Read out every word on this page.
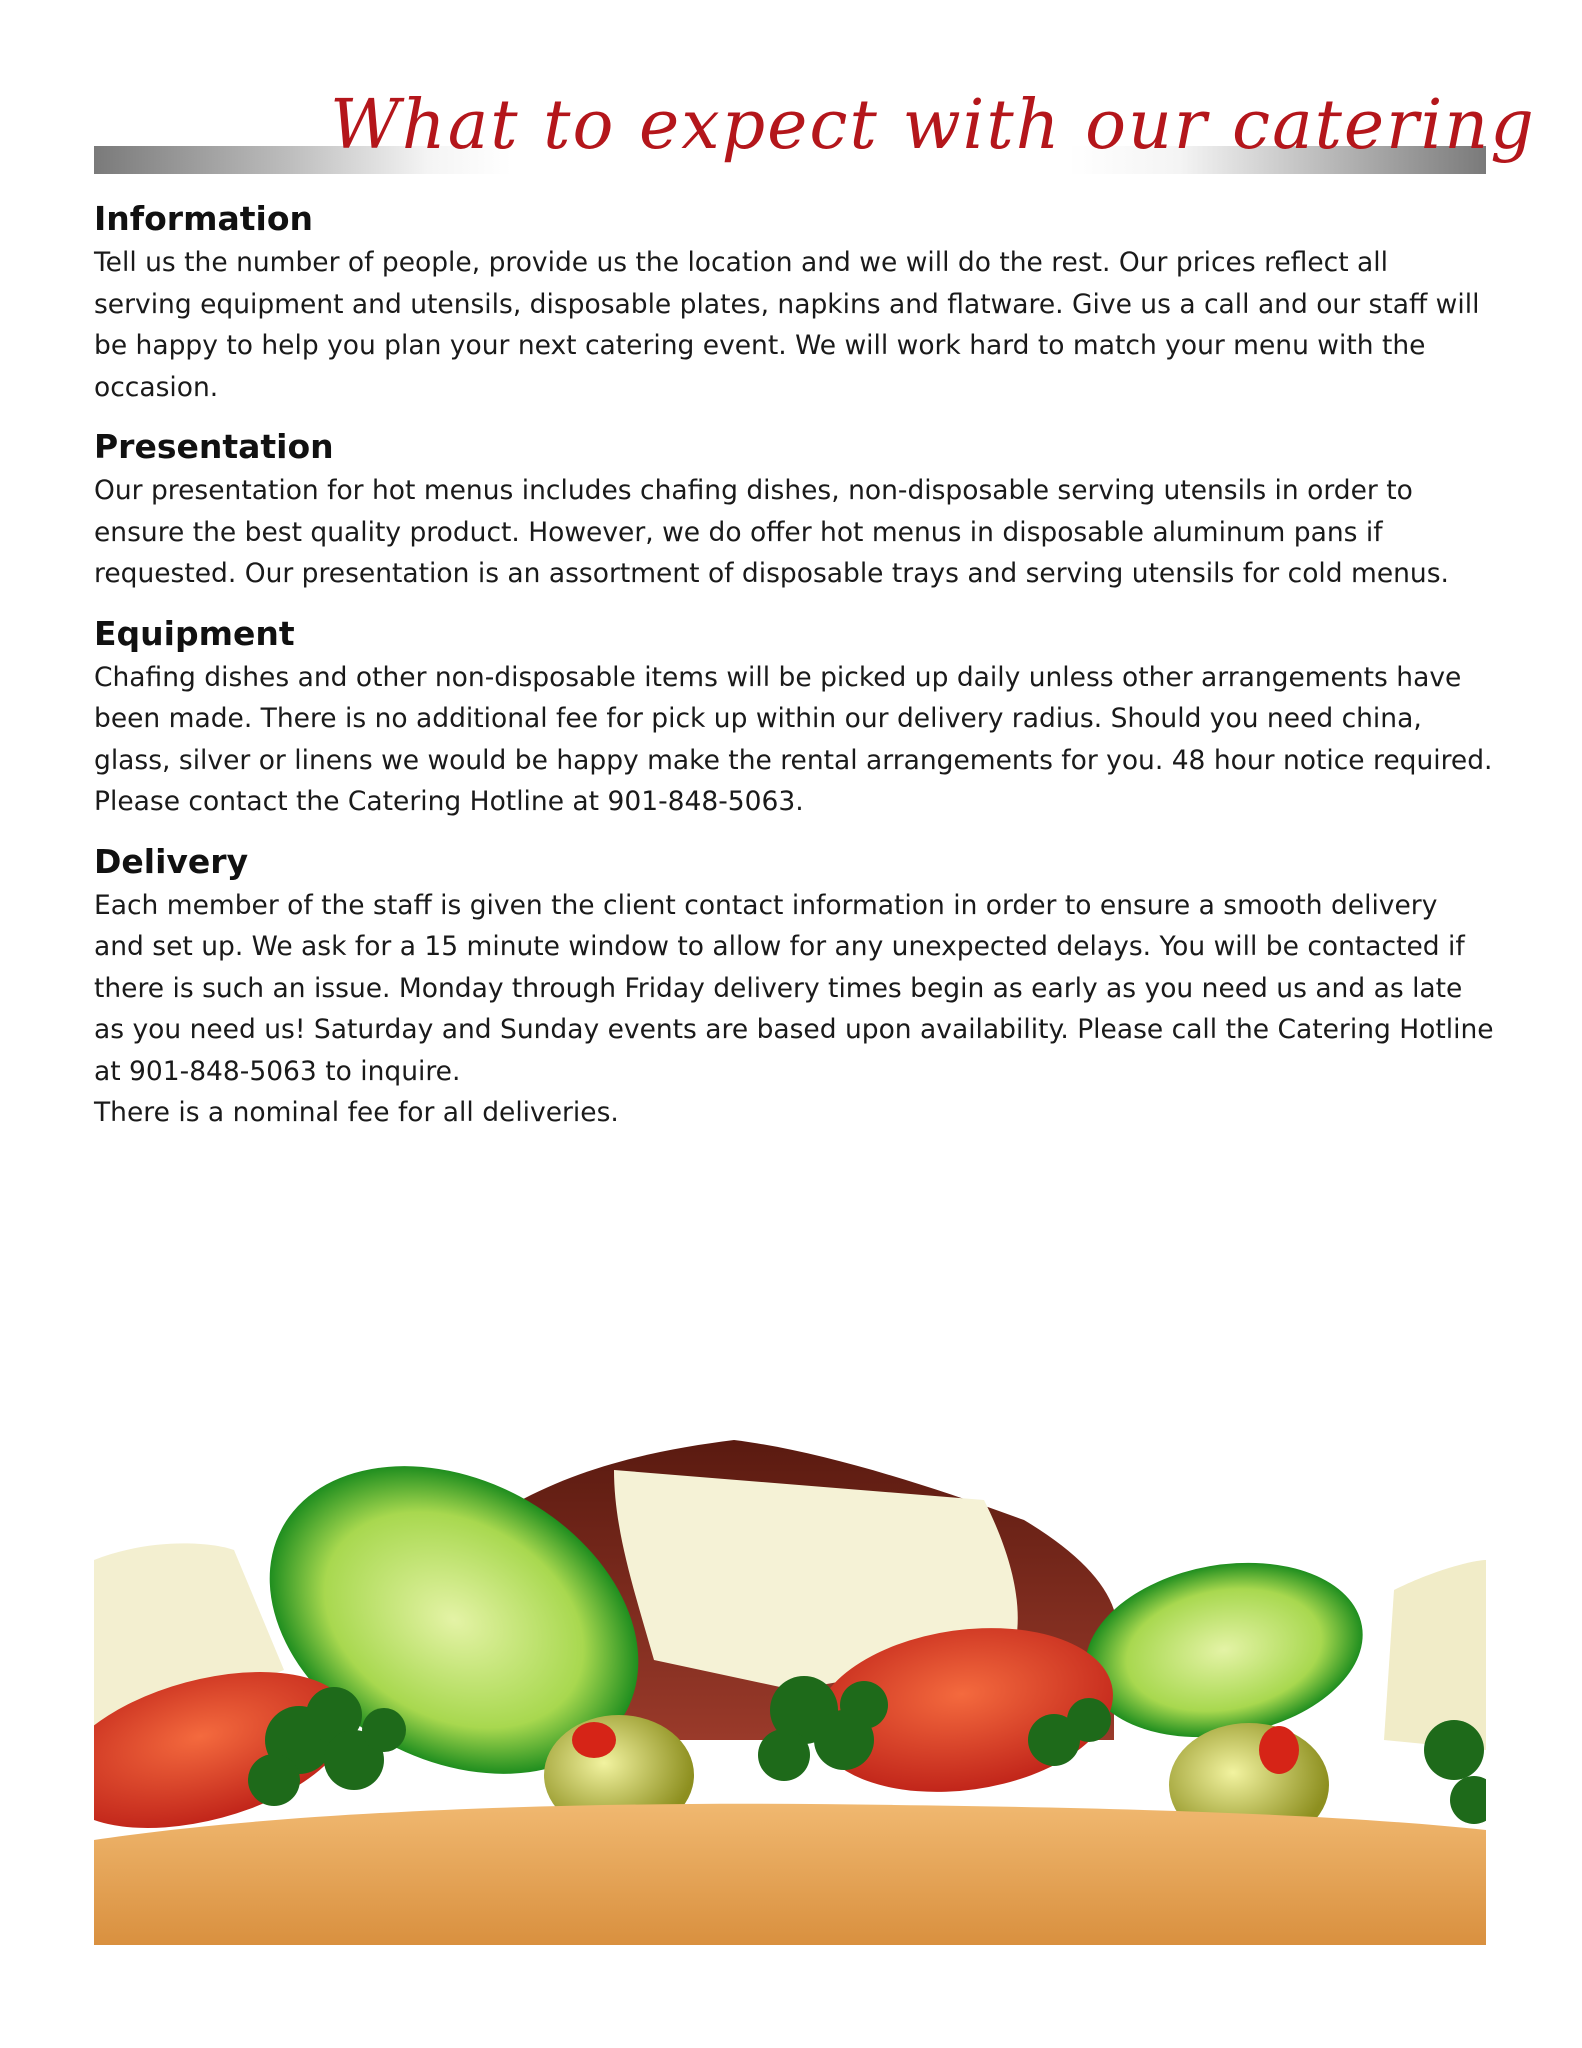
What to expect with our catering
Information

Tell us the number of people, provide us the location and we will do the rest. Our prices reflect all serving equipment and utensils, disposable plates, napkins and flatware. Give us a call and our staff will be happy to help you plan your next catering event. We will work hard to match your menu with the occasion.

Presentation

Our presentation for hot menus includes chafing dishes, non-disposable serving utensils in order to ensure the best quality product. However, we do offer hot menus in disposable aluminum pans if requested. Our presentation is an assortment of disposable trays and serving utensils for cold menus.

Equipment

Chafing dishes and other non-disposable items will be picked up daily unless other arrangements have been made. There is no additional fee for pick up within our delivery radius. Should you need china, glass, silver or linens we would be happy make the rental arrangements for you. 48 hour notice required. Please contact the Catering Hotline at 901-848-5063.

Delivery

Each member of the staff is given the client contact information in order to ensure a smooth delivery and set up. We ask for a 15 minute window to allow for any unexpected delays. You will be contacted if there is such an issue. Monday through Friday delivery times begin as early as you need us and as late as you need us! Saturday and Sunday events are based upon availability. Please call the Catering Hotline at 901-848-5063 to inquire.

There is a nominal fee for all deliveries.
